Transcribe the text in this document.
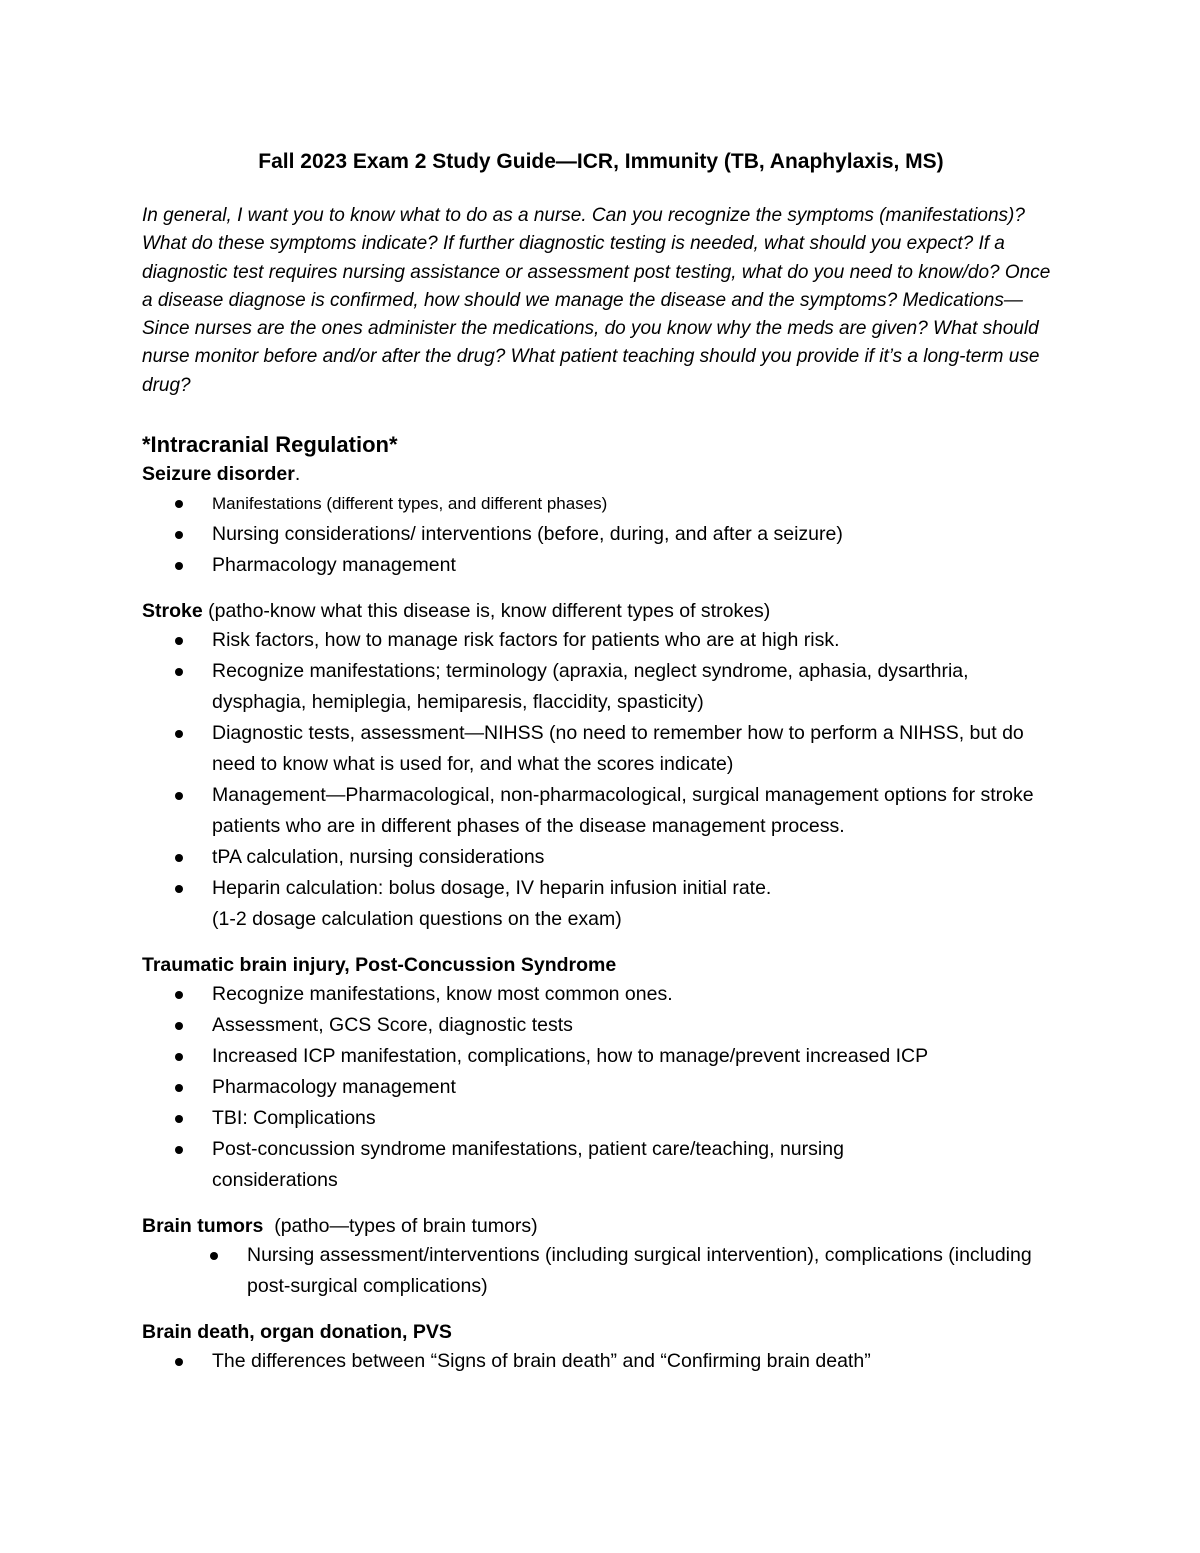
Fall 2023 Exam 2 Study Guide—ICR, Immunity (TB, Anaphylaxis, MS)

In general, I want you to know what to do as a nurse. Can you recognize the symptoms (manifestations)? What do these symptoms indicate? If further diagnostic testing is needed, what should you expect? If a diagnostic test requires nursing assistance or assessment post testing, what do you need to know/do? Once a disease diagnose is confirmed, how should we manage the disease and the symptoms? Medications— Since nurses are the ones administer the medications, do you know why the meds are given? What should nurse monitor before and/or after the drug? What patient teaching should you provide if it’s a long-term use drug?

*Intracranial Regulation*

Seizure disorder.

Manifestations (different types, and different phases)
Nursing considerations/ interventions (before, during, and after a seizure)
Pharmacology management

Stroke (patho-know what this disease is, know different types of strokes)

Risk factors, how to manage risk factors for patients who are at high risk.
Recognize manifestations; terminology (apraxia, neglect syndrome, aphasia, dysarthria, dysphagia, hemiplegia, hemiparesis, flaccidity, spasticity)
Diagnostic tests, assessment—NIHSS (no need to remember how to perform a NIHSS, but do need to know what is used for, and what the scores indicate)
Management—Pharmacological, non-pharmacological, surgical management options for stroke patients who are in different phases of the disease management process.
tPA calculation, nursing considerations
Heparin calculation: bolus dosage, IV heparin infusion initial rate.

(1-2 dosage calculation questions on the exam)

Traumatic brain injury, Post-Concussion Syndrome

Recognize manifestations, know most common ones.
Assessment, GCS Score, diagnostic tests
Increased ICP manifestation, complications, how to manage/prevent increased ICP
Pharmacology management
TBI: Complications
Post-concussion syndrome manifestations, patient care/teaching, nursing considerations

Brain tumors  (patho—types of brain tumors)

Nursing assessment/interventions (including surgical intervention), complications (including post-surgical complications)

Brain death, organ donation, PVS

The differences between “Signs of brain death” and “Confirming brain death”
